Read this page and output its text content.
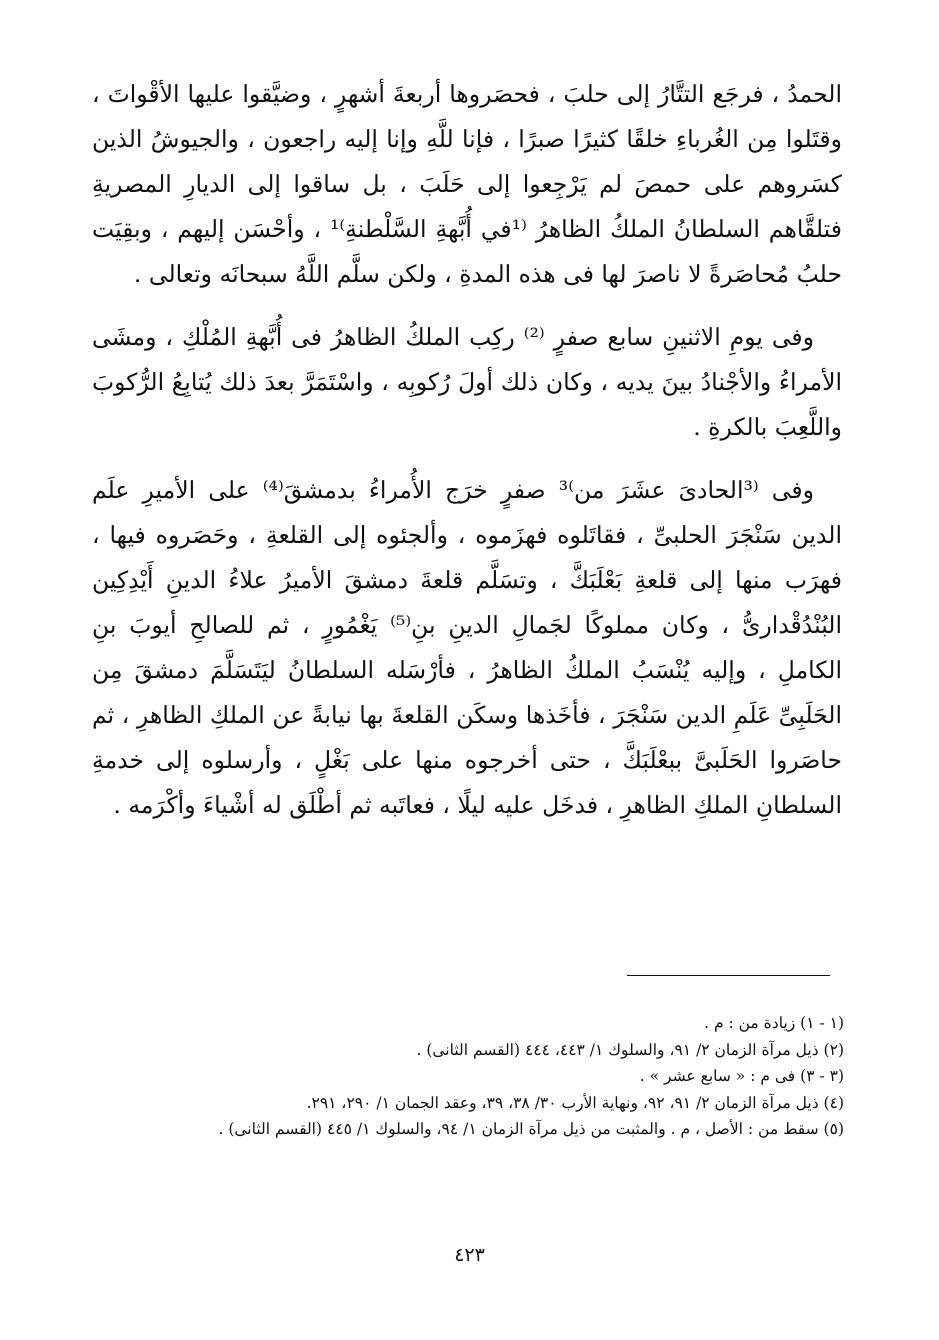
الحمدُ ، فرجَع التتَّارُ إلى حلبَ ، فحصَروها أربعةَ أشهرٍ ، وضيَّقوا عليها الأقْواتَ ، وقتَلوا مِن الغُرباءِ خلقًا كثيرًا صبرًا ، فإنا للَّهِ وإنا إليه راجعون ، والجيوشُ الذين كسَروهم على حمصَ لم يَرْجِعوا إلى حَلَبَ ، بل ساقوا إلى الديارِ المصريةِ فتلقَّاهم السلطانُ الملكُ الظاهرُ ⁽¹في أُبَّهةِ السَّلْطنةِ⁾¹ ، وأحْسَن إليهم ، وبقِيَت حلبُ مُحاصَرةً لا ناصرَ لها فى هذه المدةِ ، ولكن سلَّم اللَّهُ سبحانَه وتعالى .

وفى يومِ الاثنينِ سابع صفرٍ ⁽²⁾ ركِب الملكُ الظاهرُ فى أُبَّهةِ المُلْكِ ، ومشَى الأمراءُ والأجْنادُ بينَ يديه ، وكان ذلك أولَ رُكوبِه ، واسْتَمَرَّ بعدَ ذلك يُتابِعُ الرُّكوبَ واللَّعِبَ بالكرةِ .

وفى ⁽³الحادىَ عشَرَ من⁾³ صفرٍ خرَج الأُمراءُ بدمشقَ⁽⁴⁾ على الأميرِ علَم الدين سَنْجَرَ الحلبىِّ ، فقاتَلوه فهزَموه ، وألجئوه إلى القلعةِ ، وحَصَروه فيها ، فهرَب منها إلى قلعةِ بَعْلَبَكَّ ، وتسَلَّم قلعةَ دمشقَ الأميرُ علاءُ الدينِ أَيْدِكِين البُنْدُقْدارىُّ ، وكان مملوكًا لجَمالِ الدينِ بنِ⁽⁵⁾ يَغْمُورٍ ، ثم للصالحِ أيوبَ بنِ الكاملِ ، وإليه يُنْسَبُ الملكُ الظاهرُ ، فأرْسَله السلطانُ ليَتَسَلَّمَ دمشقَ مِن الحَلَبِىِّ عَلَمِ الدين سَنْجَرَ ، فأخَذها وسكَن القلعةَ بها نيابةً عن الملكِ الظاهرِ ، ثم حاصَروا الحَلَبىَّ ببعْلَبَكَّ ، حتى أخرجوه منها على بَغْلٍ ، وأرسلوه إلى خدمةِ السلطانِ الملكِ الظاهرِ ، فدخَل عليه ليلًا ، فعاتَبه ثم أطْلَق له أشْياءَ وأكْرَمه .

(١ - ١) زيادة من : م .
(٢) ذيل مرآة الزمان ٢/ ٩١، والسلوك ١/ ٤٤٣، ٤٤٤ (القسم الثانى) .
(٣ - ٣) فى م : « سابع عشر » .
(٤) ذيل مرآة الزمان ٢/ ٩١، ٩٢، ونهاية الأرب ٣٠/ ٣٨، ٣٩، وعقد الجمان ١/ ٢٩٠، ٢٩١.
(٥) سقط من : الأصل ، م . والمثبت من ذيل مرآة الزمان ١/ ٩٤، والسلوك ١/ ٤٤٥ (القسم الثانى) .
٤٢٣
